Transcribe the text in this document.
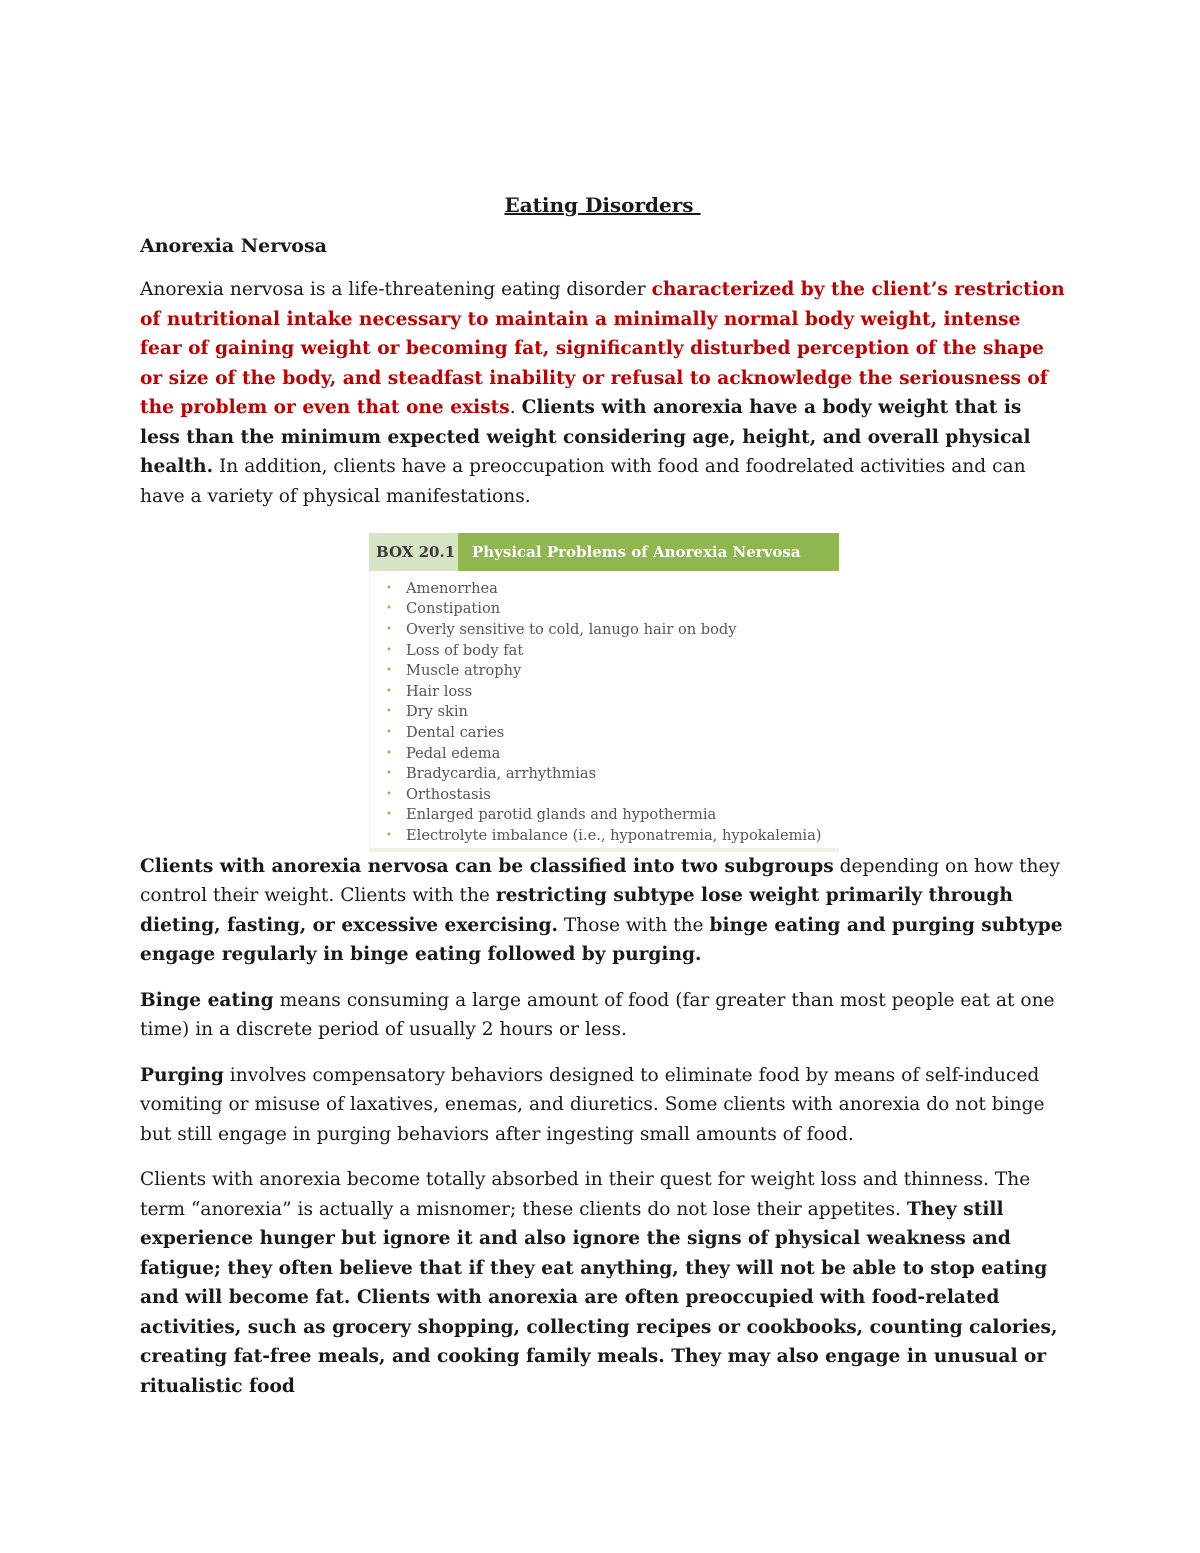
Eating Disorders
Anorexia Nervosa

Anorexia nervosa is a life-threatening eating disorder characterized by the client’s restriction of nutritional intake necessary to maintain a minimally normal body weight, intense fear of gaining weight or becoming fat, significantly disturbed perception of the shape or size of the body, and steadfast inability or refusal to acknowledge the seriousness of the problem or even that one exists. Clients with anorexia have a body weight that is less than the minimum expected weight considering age, height, and overall physical health. In addition, clients have a preoccupation with food and foodrelated activities and can have a variety of physical manifestations.

BOX 20.1	Physical Problems of Anorexia Nervosa
• Amenorrhea
• Constipation
• Overly sensitive to cold, lanugo hair on body
• Loss of body fat
• Muscle atrophy
• Hair loss
• Dry skin
• Dental caries
• Pedal edema
• Bradycardia, arrhythmias
• Orthostasis
• Enlarged parotid glands and hypothermia
• Electrolyte imbalance (i.e., hyponatremia, hypokalemia)

Clients with anorexia nervosa can be classified into two subgroups depending on how they control their weight. Clients with the restricting subtype lose weight primarily through dieting, fasting, or excessive exercising. Those with the binge eating and purging subtype engage regularly in binge eating followed by purging.

Binge eating means consuming a large amount of food (far greater than most people eat at one time) in a discrete period of usually 2 hours or less.

Purging involves compensatory behaviors designed to eliminate food by means of self-induced vomiting or misuse of laxatives, enemas, and diuretics. Some clients with anorexia do not binge but still engage in purging behaviors after ingesting small amounts of food.

Clients with anorexia become totally absorbed in their quest for weight loss and thinness. The term “anorexia” is actually a misnomer; these clients do not lose their appetites. They still experience hunger but ignore it and also ignore the signs of physical weakness and fatigue; they often believe that if they eat anything, they will not be able to stop eating and will become fat. Clients with anorexia are often preoccupied with food-related activities, such as grocery shopping, collecting recipes or cookbooks, counting calories, creating fat-free meals, and cooking family meals. They may also engage in unusual or ritualistic food
